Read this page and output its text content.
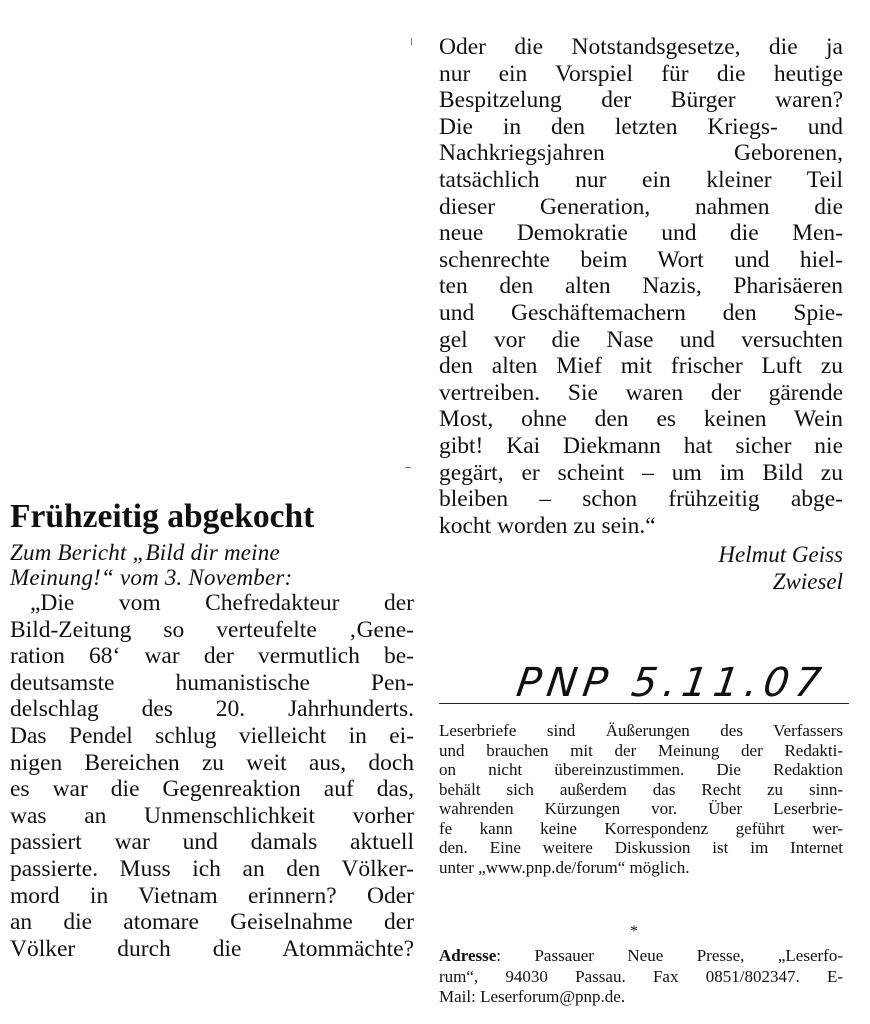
Frühzeitig abgekocht

Zum Bericht „Bild dir meine
Meinung!“ vom 3. November:

„Die vom Chefredakteur der
Bild-Zeitung so verteufelte ‚Gene-
ration 68‘ war der vermutlich be-
deutsamste humanistische Pen-
delschlag des 20. Jahrhunderts.
Das Pendel schlug vielleicht in ei-
nigen Bereichen zu weit aus, doch
es war die Gegenreaktion auf das,
was an Unmenschlichkeit vorher
passiert war und damals aktuell
passierte. Muss ich an den Völker-
mord in Vietnam erinnern? Oder
an die atomare Geiselnahme der
Völker durch die Atommächte?
Oder die Notstandsgesetze, die ja
nur ein Vorspiel für die heutige
Bespitzelung der Bürger waren?
Die in den letzten Kriegs- und
Nachkriegsjahren Geborenen,
tatsächlich nur ein kleiner Teil
dieser Generation, nahmen die
neue Demokratie und die Men-
schenrechte beim Wort und hiel-
ten den alten Nazis, Pharisäeren
und Geschäftemachern den Spie-
gel vor die Nase und versuchten
den alten Mief mit frischer Luft zu
vertreiben. Sie waren der gärende
Most, ohne den es keinen Wein
gibt! Kai Diekmann hat sicher nie
gegärt, er scheint – um im Bild zu
bleiben – schon frühzeitig abge-
kocht worden zu sein.“

Helmut Geiss

Zwiesel

PNP 5.11.07
Leserbriefe sind Äußerungen des Verfassers
und brauchen mit der Meinung der Redakti-
on nicht übereinzustimmen. Die Redaktion
behält sich außerdem das Recht zu sinn-
wahrenden Kürzungen vor. Über Leserbrie-
fe kann keine Korrespondenz geführt wer-
den. Eine weitere Diskussion ist im Internet
unter „www.pnp.de/forum“ möglich.
*
Adresse: Passauer Neue Presse, „Leserfo-
rum“, 94030 Passau. Fax 0851/802347. E-
Mail: Leserforum@pnp.de.
